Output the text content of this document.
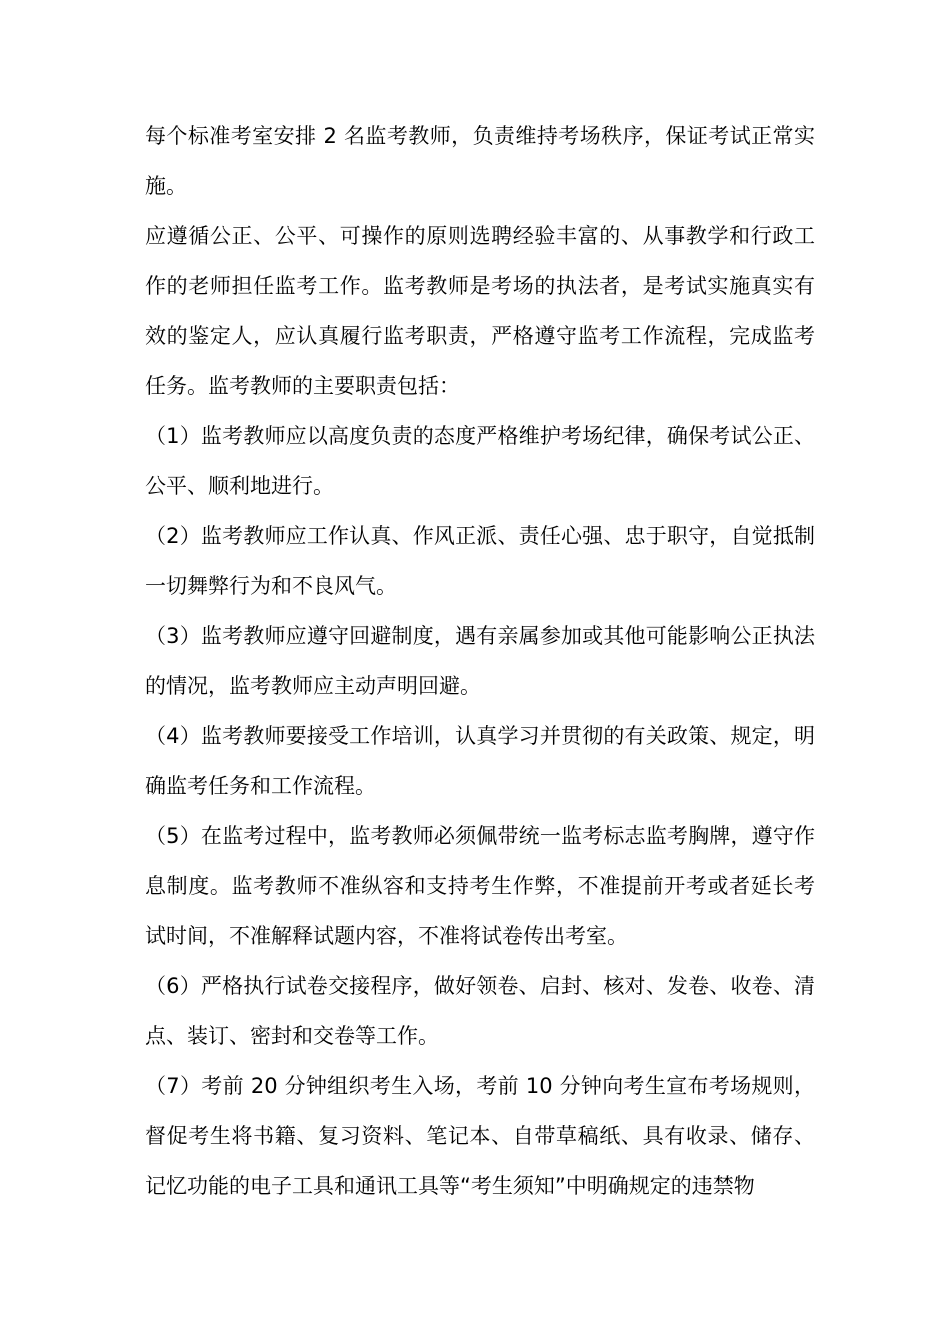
每个标准考室安排 2 名监考教师，负责维持考场秩序，保证考试正常实施。

应遵循公正、公平、可操作的原则选聘经验丰富的、从事教学和行政工作的老师担任监考工作。监考教师是考场的执法者，是考试实施真实有效的鉴定人，应认真履行监考职责，严格遵守监考工作流程，完成监考任务。监考教师的主要职责包括：

（1）监考教师应以高度负责的态度严格维护考场纪律，确保考试公正、公平、顺利地进行。

（2）监考教师应工作认真、作风正派、责任心强、忠于职守，自觉抵制一切舞弊行为和不良风气。

（3）监考教师应遵守回避制度，遇有亲属参加或其他可能影响公正执法的情况，监考教师应主动声明回避。

（4）监考教师要接受工作培训，认真学习并贯彻的有关政策、规定，明确监考任务和工作流程。

（5）在监考过程中，监考教师必须佩带统一监考标志监考胸牌，遵守作息制度。监考教师不准纵容和支持考生作弊，不准提前开考或者延长考试时间，不准解释试题内容，不准将试卷传出考室。

（6）严格执行试卷交接程序，做好领卷、启封、核对、发卷、收卷、清点、装订、密封和交卷等工作。

（7）考前 20 分钟组织考生入场，考前 10 分钟向考生宣布考场规则，督促考生将书籍、复习资料、笔记本、自带草稿纸、具有收录、储存、记忆功能的电子工具和通讯工具等“考生须知”中明确规定的违禁物
